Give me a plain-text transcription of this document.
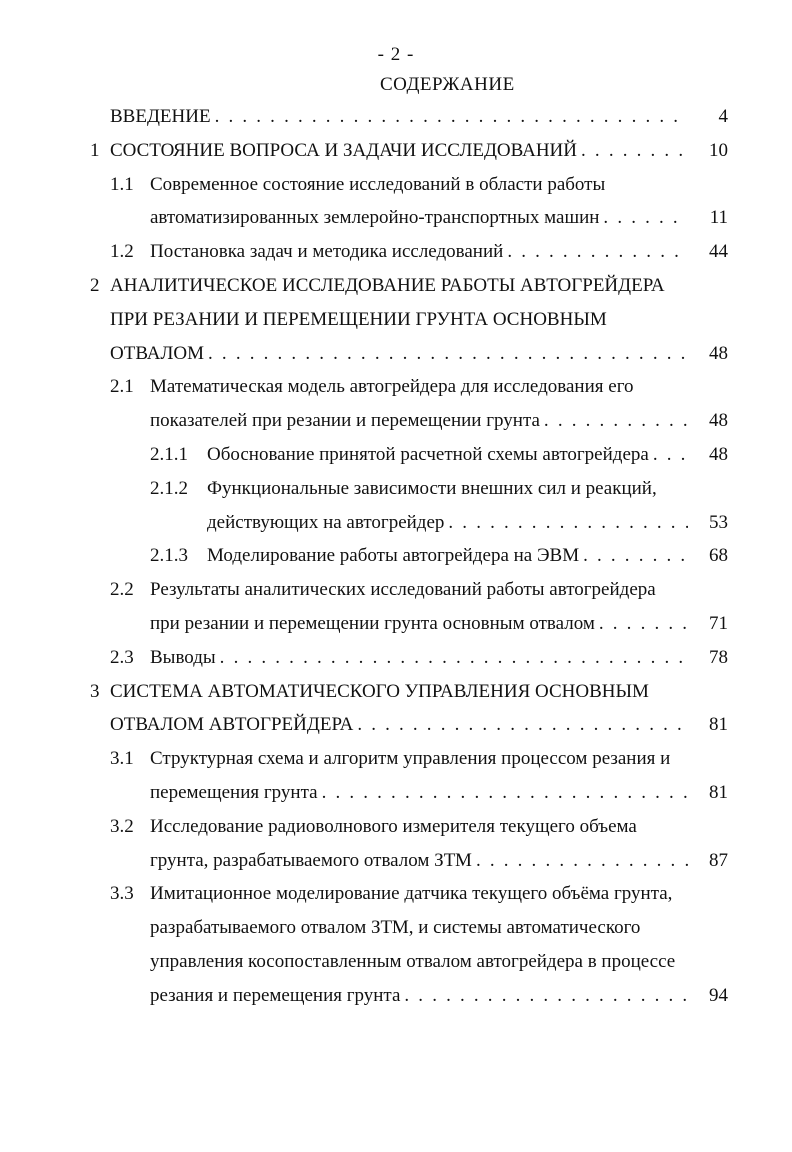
- 2 -
СОДЕРЖАНИЕ
ВВЕДЕНИЕ . . .	4
1 СОСТОЯНИЕ ВОПРОСА И ЗАДАЧИ ИССЛЕДОВАНИЙ . . .	10
1.1 Современное состояние исследований в области работы
автоматизированных землеройно-транспортных машин . . .	11
1.2 Постановка задач и методика исследований . . .	44
2 АНАЛИТИЧЕСКОЕ ИССЛЕДОВАНИЕ РАБОТЫ АВТОГРЕЙДЕРА
ПРИ РЕЗАНИИ И ПЕРЕМЕЩЕНИИ ГРУНТА ОСНОВНЫМ
ОТВАЛОМ . . .	48
2.1 Математическая модель автогрейдера для исследования его
показателей при резании и перемещении грунта . . .	48
2.1.1 Обоснование принятой расчетной схемы автогрейдера . . .	48
2.1.2 Функциональные зависимости внешних сил и реакций,
действующих на автогрейдер . . .	53
2.1.3 Моделирование работы автогрейдера на ЭВМ . . .	68
2.2 Результаты аналитических исследований работы автогрейдера
при резании и перемещении грунта основным отвалом . . .	71
2.3 Выводы . . .	78
3 СИСТЕМА АВТОМАТИЧЕСКОГО УПРАВЛЕНИЯ ОСНОВНЫМ
ОТВАЛОМ АВТОГРЕЙДЕРА . . .	81
3.1 Структурная схема и алгоритм управления процессом резания и
перемещения грунта . . .	81
3.2 Исследование радиоволнового измерителя текущего объема
грунта, разрабатываемого отвалом ЗТМ . . .	87
3.3 Имитационное моделирование датчика текущего объёма грунта,
разрабатываемого отвалом ЗТМ, и системы автоматического
управления косопоставленным отвалом автогрейдера в процессе
резания и перемещения грунта . . .	94
